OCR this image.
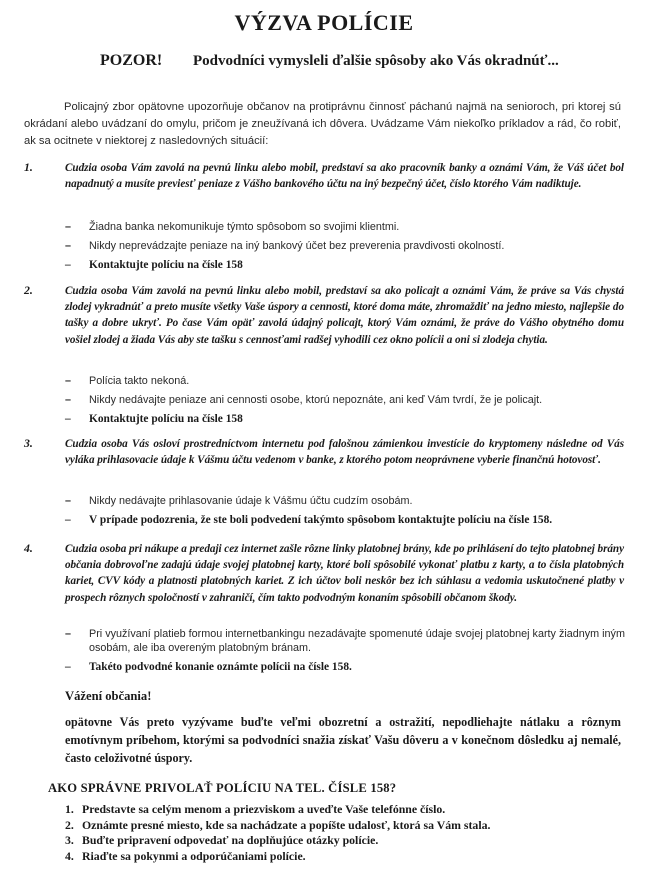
VÝZVA POLÍCIE
POZOR! Podvodníci vymysleli ďalšie spôsoby ako Vás okradnúť...

Policajný zbor opätovne upozorňuje občanov na protiprávnu činnosť páchanú najmä na senioroch, pri ktorej sú okrádaní alebo uvádzaní do omylu, pričom je zneužívaná ich dôvera. Uvádzame Vám niekoľko príkladov a rád, čo robiť, ak sa ocitnete v niektorej z nasledovných situácií:

1.	Cudzia osoba Vám zavolá na pevnú linku alebo mobil, predstaví sa ako pracovník banky a oznámi Vám, že Váš účet bol napadnutý a musíte previesť peniaze z Vášho bankového účtu na iný bezpečný účet, číslo ktorého Vám nadiktuje.
– Žiadna banka nekomunikuje týmto spôsobom so svojimi klientmi.
– Nikdy neprevádzajte peniaze na iný bankový účet bez preverenia pravdivosti okolností.
– Kontaktujte políciu na čísle 158
2.	Cudzia osoba Vám zavolá na pevnú linku alebo mobil, predstaví sa ako policajt a oznámi Vám, že práve sa Vás chystá zlodej vykradnúť a preto musíte všetky Vaše úspory a cennosti, ktoré doma máte, zhromaždiť na jedno miesto, najlepšie do tašky a dobre ukryť. Po čase Vám opäť zavolá údajný policajt, ktorý Vám oznámi, že práve do Vášho obytného domu vošiel zlodej a žiada Vás aby ste tašku s cennosťami radšej vyhodili cez okno polícii a oni si zlodeja chytia.
– Polícia takto nekoná.
– Nikdy nedávajte peniaze ani cennosti osobe, ktorú nepoznáte, ani keď Vám tvrdí, že je policajt.
– Kontaktujte políciu na čísle 158
3.	Cudzia osoba Vás osloví prostredníctvom internetu pod falošnou zámienkou investície do kryptomeny následne od Vás vyláka prihlasovacie údaje k Vášmu účtu vedenom v banke, z ktorého potom neoprávnene vyberie finančnú hotovosť.
– Nikdy nedávajte prihlasovanie údaje k Vášmu účtu cudzím osobám.
– V prípade podozrenia, že ste boli podvedení takýmto spôsobom kontaktujte políciu na čísle 158.
4.	Cudzia osoba pri nákupe a predaji cez internet zašle rôzne linky platobnej brány, kde po prihlásení do tejto platobnej brány občania dobrovoľne zadajú údaje svojej platobnej karty, ktoré boli spôsobilé vykonať platbu z karty, a to čísla platobných kariet, CVV kódy a platnosti platobných kariet. Z ich účtov boli neskôr bez ich súhlasu a vedomia uskutočnené platby v prospech rôznych spoločností v zahraničí, čím takto podvodným konaním spôsobili občanom škody.
– Pri využívaní platieb formou internetbankingu nezadávajte spomenuté údaje svojej platobnej karty žiadnym iným osobám, ale iba overeným platobným bránam.
– Takéto podvodné konanie oznámte polícii na čísle 158.
Vážení občania!

opätovne Vás preto vyzývame buďte veľmi obozretní a ostražití, nepodliehajte nátlaku a rôznym emotívnym príbehom, ktorými sa podvodníci snažia získať Vašu dôveru a v konečnom dôsledku aj nemalé, často celoživotné úspory.

AKO SPRÁVNE PRIVOLAŤ POLÍCIU NA TEL. ČÍSLE 158?
1. Predstavte sa celým menom a priezviskom a uveďte Vaše telefónne číslo.
2. Oznámte presné miesto, kde sa nachádzate a popíšte udalosť, ktorá sa Vám stala.
3. Buďte pripravení odpovedať na doplňujúce otázky polície.
4. Riaďte sa pokynmi a odporúčaniami polície.
